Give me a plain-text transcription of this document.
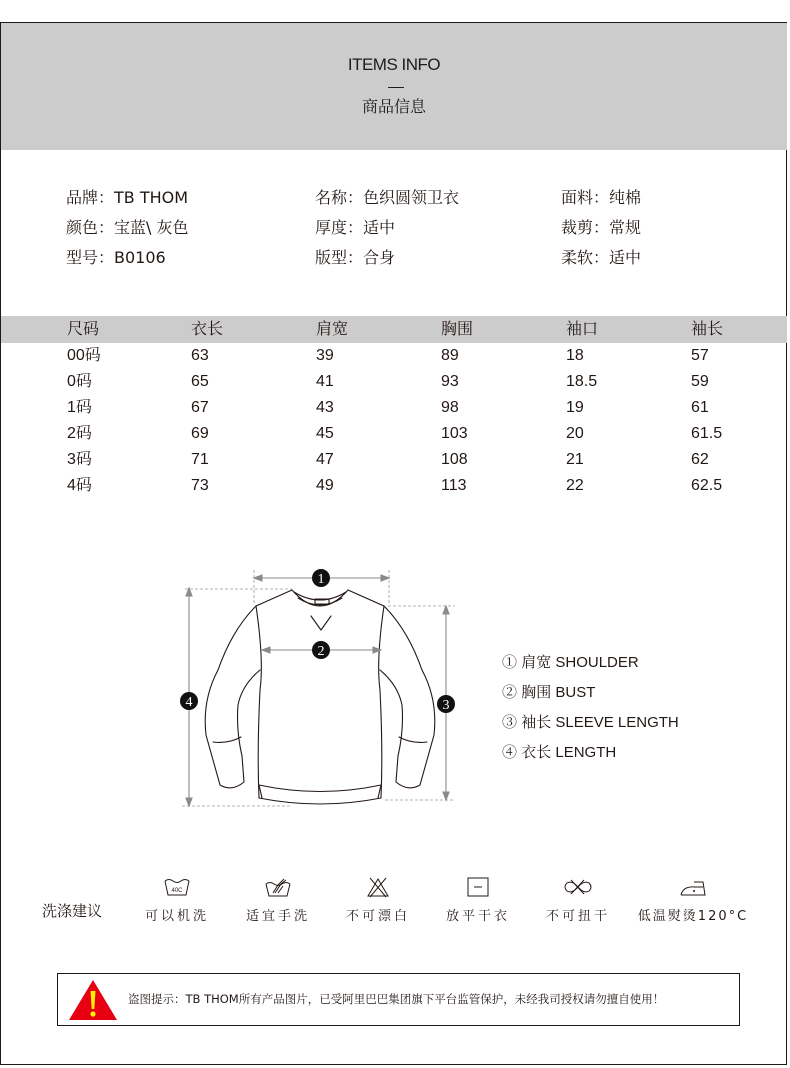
ITEMS INFO
商品信息
品牌：TB THOM	名称：色织圆领卫衣	面料：纯棉
颜色：宝蓝\ 灰色	厚度：适中	裁剪：常规
型号：B0106	版型：合身	柔软：适中
尺码	衣长	肩宽	胸围	袖口	袖长
00码	63	39	89	18	57
0码	65	41	93	18.5	59
1码	67	43	98	19	61
2码	69	45	103	20	61.5
3码	71	47	108	21	62
4码	73	49	113	22	62.5
1
2
3
4
① 肩宽 SHOULDER
② 胸围 BUST
③ 袖长 SLEEVE LENGTH
④ 衣长 LENGTH
洗涤建议
40C
可以机洗	适宜手洗	不可漂白	放平干衣	不可扭干	低温熨烫120°C
盗图提示：TB THOM所有产品图片，已受阿里巴巴集团旗下平台监管保护，未经我司授权请勿擅自使用！
